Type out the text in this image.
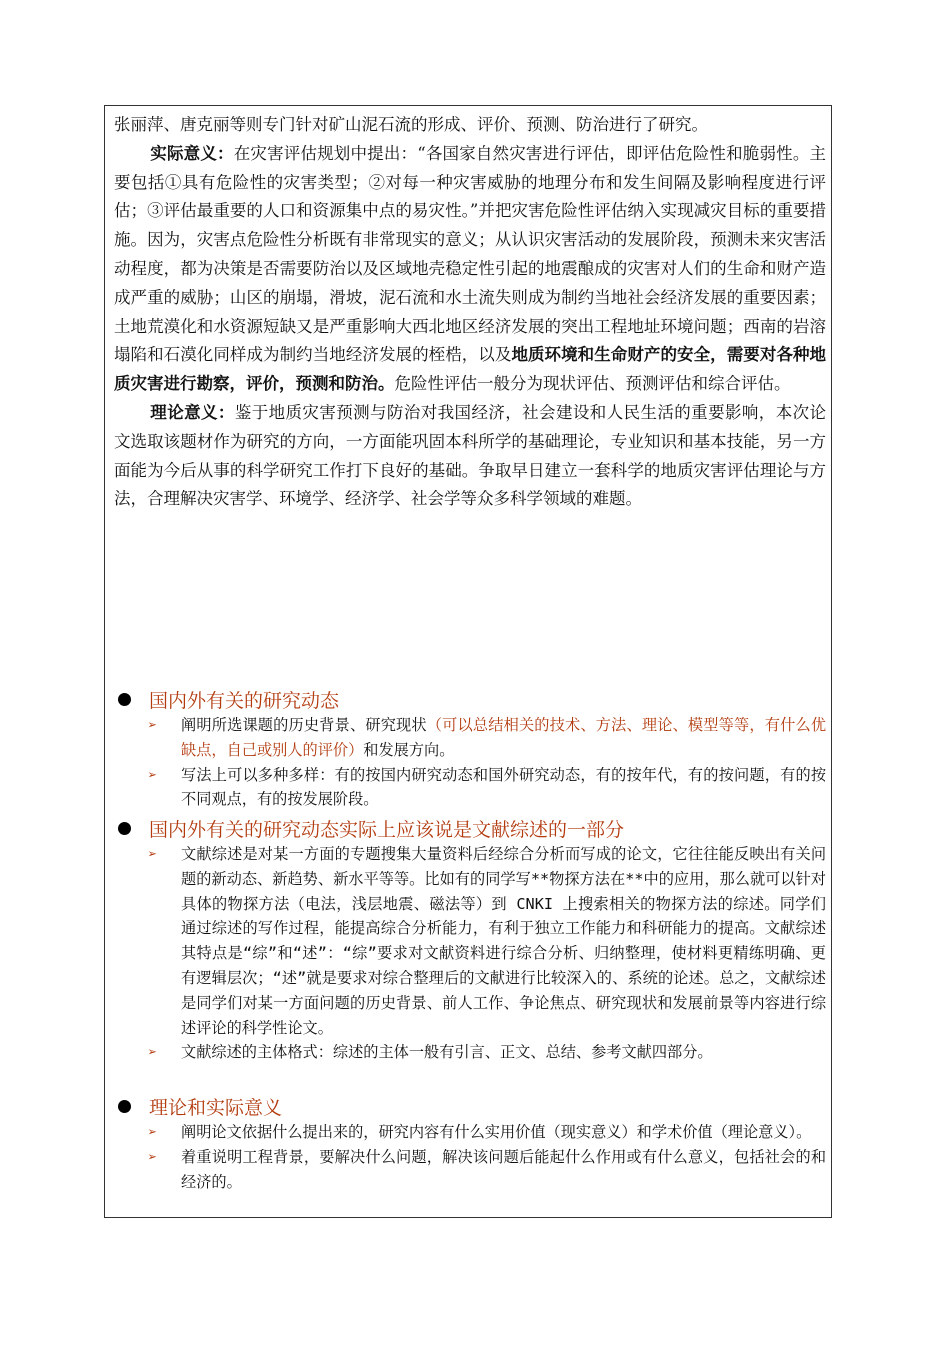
张丽萍、唐克丽等则专门针对矿山泥石流的形成、评价、预测、防治进行了研究。

实际意义：在灾害评估规划中提出：“各国家自然灾害进行评估，即评估危险性和脆弱性。主要包括①具有危险性的灾害类型；②对每一种灾害威胁的地理分布和发生间隔及影响程度进行评估；③评估最重要的人口和资源集中点的易灾性。”并把灾害危险性评估纳入实现减灾目标的重要措施。因为，灾害点危险性分析既有非常现实的意义；从认识灾害活动的发展阶段，预测未来灾害活动程度，都为决策是否需要防治以及区域地壳稳定性引起的地震酿成的灾害对人们的生命和财产造成严重的威胁；山区的崩塌，滑坡，泥石流和水土流失则成为制约当地社会经济发展的重要因素；土地荒漠化和水资源短缺又是严重影响大西北地区经济发展的突出工程地址环境问题；西南的岩溶塌陷和石漠化同样成为制约当地经济发展的桎梏，以及地质环境和生命财产的安全，需要对各种地质灾害进行勘察，评价，预测和防治。危险性评估一般分为现状评估、预测评估和综合评估。

理论意义：鉴于地质灾害预测与防治对我国经济，社会建设和人民生活的重要影响，本次论文选取该题材作为研究的方向，一方面能巩固本科所学的基础理论，专业知识和基本技能，另一方面能为今后从事的科学研究工作打下良好的基础。争取早日建立一套科学的地质灾害评估理论与方法，合理解决灾害学、环境学、经济学、社会学等众多科学领域的难题。

国内外有关的研究动态
➢ 阐明所选课题的历史背景、研究现状（可以总结相关的技术、方法、理论、模型等等，有什么优缺点，自己或别人的评价）和发展方向。
➢ 写法上可以多种多样：有的按国内研究动态和国外研究动态，有的按年代，有的按问题，有的按不同观点，有的按发展阶段。
国内外有关的研究动态实际上应该说是文献综述的一部分
➢ 文献综述是对某一方面的专题搜集大量资料后经综合分析而写成的论文，它往往能反映出有关问题的新动态、新趋势、新水平等等。比如有的同学写**物探方法在**中的应用，那么就可以针对具体的物探方法（电法，浅层地震、磁法等）到 CNKI 上搜索相关的物探方法的综述。同学们通过综述的写作过程，能提高综合分析能力，有利于独立工作能力和科研能力的提高。文献综述其特点是“综”和“述”：“综”要求对文献资料进行综合分析、归纳整理，使材料更精练明确、更有逻辑层次；“述”就是要求对综合整理后的文献进行比较深入的、系统的论述。总之，文献综述是同学们对某一方面问题的历史背景、前人工作、争论焦点、研究现状和发展前景等内容进行综述评论的科学性论文。
➢ 文献综述的主体格式：综述的主体一般有引言、正文、总结、参考文献四部分。
理论和实际意义
➢ 阐明论文依据什么提出来的，研究内容有什么实用价值（现实意义）和学术价值（理论意义）。
➢ 着重说明工程背景，要解决什么问题，解决该问题后能起什么作用或有什么意义，包括社会的和经济的。
